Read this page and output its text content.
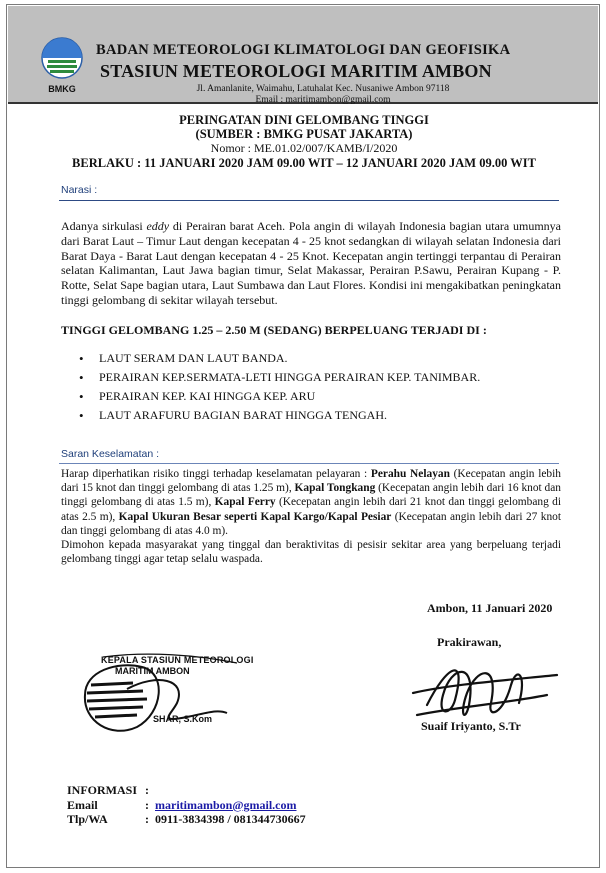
BMKG
BADAN METEOROLOGI KLIMATOLOGI DAN GEOFISIKA
STASIUN METEOROLOGI MARITIM AMBON
Jl. Amanlanite, Waimahu, Latuhalat Kec. Nusaniwe Ambon 97118
Email : maritimambon@gmail.com
PERINGATAN DINI GELOMBANG TINGGI
(SUMBER : BMKG PUSAT JAKARTA)
Nomor : ME.01.02/007/KAMB/I/2020
BERLAKU : 11 JANUARI 2020 JAM 09.00 WIT – 12 JANUARI 2020 JAM 09.00 WIT
Narasi :
Adanya sirkulasi eddy di Perairan barat Aceh. Pola angin di wilayah Indonesia bagian utara umumnya dari Barat Laut – Timur Laut dengan kecepatan 4 - 25 knot sedangkan di wilayah selatan Indonesia dari Barat Daya - Barat Laut dengan kecepatan 4 - 25 Knot. Kecepatan angin tertinggi terpantau di Perairan selatan Kalimantan, Laut Jawa bagian timur, Selat Makassar, Perairan P.Sawu, Perairan Kupang - P. Rotte, Selat Sape bagian utara, Laut Sumbawa dan Laut Flores. Kondisi ini mengakibatkan peningkatan tinggi gelombang di sekitar wilayah tersebut.
TINGGI GELOMBANG 1.25 – 2.50 M (SEDANG) BERPELUANG TERJADI DI :
• LAUT SERAM DAN LAUT BANDA.
• PERAIRAN KEP.SERMATA-LETI HINGGA PERAIRAN KEP. TANIMBAR.
• PERAIRAN KEP. KAI HINGGA KEP. ARU
• LAUT ARAFURU BAGIAN BARAT HINGGA TENGAH.
Saran Keselamatan :
Harap diperhatikan risiko tinggi terhadap keselamatan pelayaran : Perahu Nelayan (Kecepatan angin lebih dari 15 knot dan tinggi gelombang di atas 1.25 m), Kapal Tongkang (Kecepatan angin lebih dari 16 knot dan tinggi gelombang di atas 1.5 m), Kapal Ferry (Kecepatan angin lebih dari 21 knot dan tinggi gelombang di atas 2.5 m), Kapal Ukuran Besar seperti Kapal Kargo/Kapal Pesiar (Kecepatan angin lebih dari 27 knot dan tinggi gelombang di atas 4.0 m).
Dimohon kepada masyarakat yang tinggal dan beraktivitas di pesisir sekitar area yang berpeluang terjadi gelombang tinggi agar tetap selalu waspada.
Ambon, 11 Januari 2020
Prakirawan,
Suaif Iriyanto, S.Tr
KEPALA STASIUN METEOROLOGI
MARITIM AMBON
SHAR, S.Kom
INFORMASI :
Email	: maritimambon@gmail.com
Tlp/WA	: 0911-3834398 / 081344730667
